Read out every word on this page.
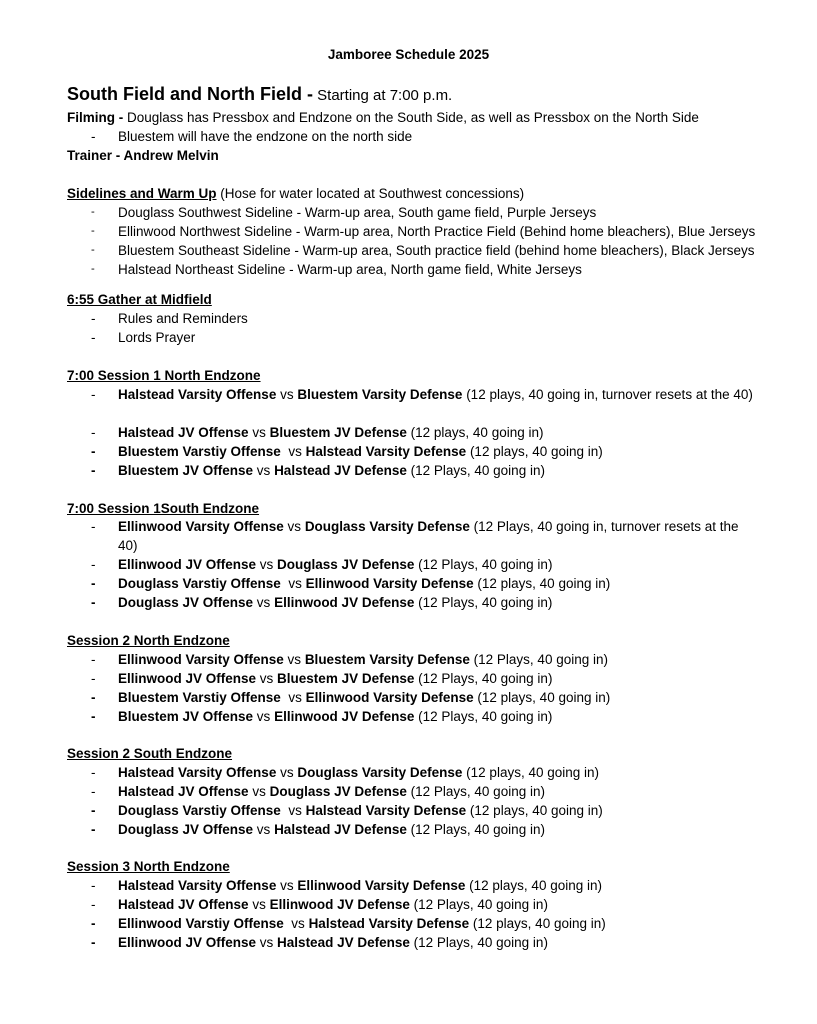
Jamboree Schedule 2025
South Field and North Field - Starting at 7:00 p.m.
Filming - Douglass has Pressbox and Endzone on the South Side, as well as Pressbox on the North Side
-	Bluestem will have the endzone on the north side
Trainer - Andrew Melvin
Sidelines and Warm Up (Hose for water located at Southwest concessions)
-	Douglass Southwest Sideline - Warm-up area, South game field, Purple Jerseys
-	Ellinwood Northwest Sideline - Warm-up area, North Practice Field (Behind home bleachers), Blue Jerseys
-	Bluestem Southeast Sideline - Warm-up area, South practice field (behind home bleachers), Black Jerseys
-	Halstead Northeast Sideline - Warm-up area, North game field, White Jerseys
6:55 Gather at Midfield
-	Rules and Reminders
-	Lords Prayer
7:00 Session 1 North Endzone
-	Halstead Varsity Offense vs Bluestem Varsity Defense (12 plays, 40 going in, turnover resets at the 40)
-	Halstead JV Offense vs Bluestem JV Defense (12 plays, 40 going in)
-	Bluestem Varstiy Offense  vs Halstead Varsity Defense (12 plays, 40 going in)
-	Bluestem JV Offense vs Halstead JV Defense (12 Plays, 40 going in)
7:00 Session 1South Endzone
-	Ellinwood Varsity Offense vs Douglass Varsity Defense (12 Plays, 40 going in, turnover resets at the 40)
-	Ellinwood JV Offense vs Douglass JV Defense (12 Plays, 40 going in)
-	Douglass Varstiy Offense  vs Ellinwood Varsity Defense (12 plays, 40 going in)
-	Douglass JV Offense vs Ellinwood JV Defense (12 Plays, 40 going in)
Session 2 North Endzone
-	Ellinwood Varsity Offense vs Bluestem Varsity Defense (12 Plays, 40 going in)
-	Ellinwood JV Offense vs Bluestem JV Defense (12 Plays, 40 going in)
-	Bluestem Varstiy Offense  vs Ellinwood Varsity Defense (12 plays, 40 going in)
-	Bluestem JV Offense vs Ellinwood JV Defense (12 Plays, 40 going in)
Session 2 South Endzone
-	Halstead Varsity Offense vs Douglass Varsity Defense (12 plays, 40 going in)
-	Halstead JV Offense vs Douglass JV Defense (12 Plays, 40 going in)
-	Douglass Varstiy Offense  vs Halstead Varsity Defense (12 plays, 40 going in)
-	Douglass JV Offense vs Halstead JV Defense (12 Plays, 40 going in)
Session 3 North Endzone
-	Halstead Varsity Offense vs Ellinwood Varsity Defense (12 plays, 40 going in)
-	Halstead JV Offense vs Ellinwood JV Defense (12 Plays, 40 going in)
-	Ellinwood Varstiy Offense  vs Halstead Varsity Defense (12 plays, 40 going in)
-	Ellinwood JV Offense vs Halstead JV Defense (12 Plays, 40 going in)
